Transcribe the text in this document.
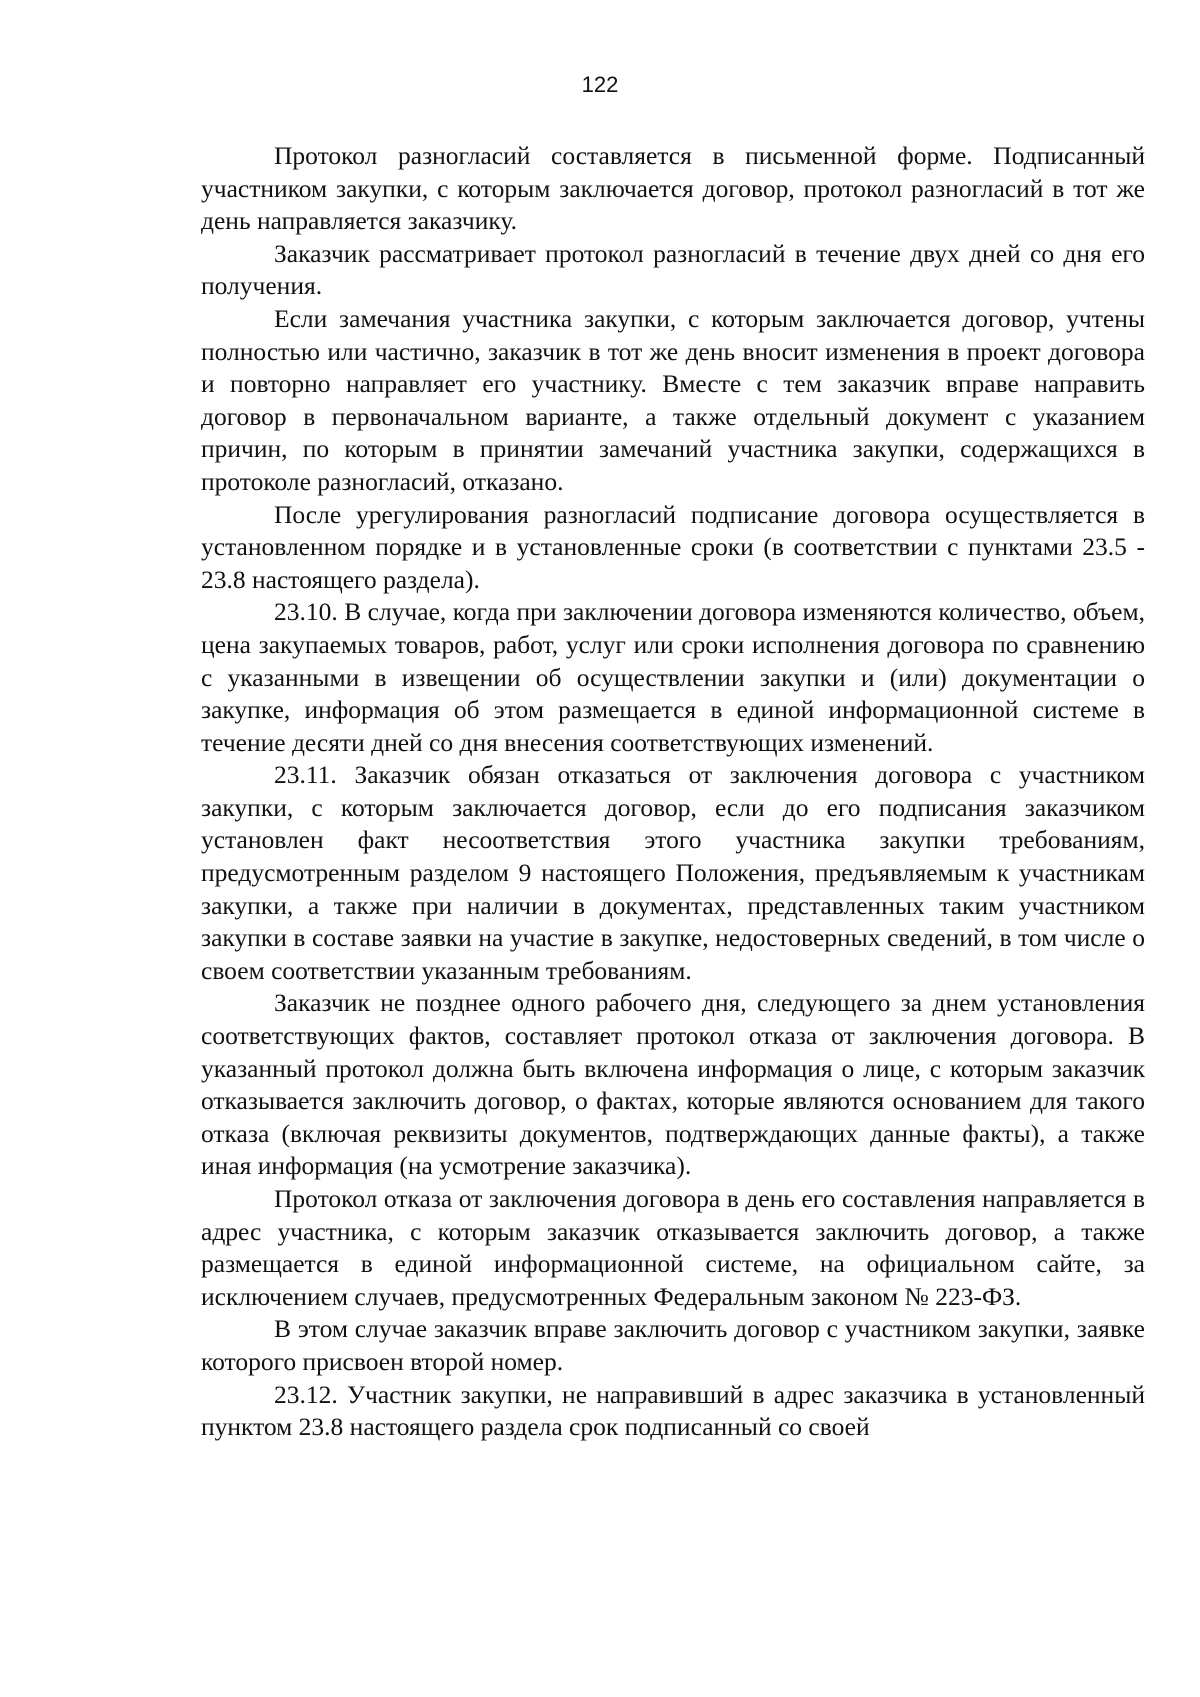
122

Протокол разногласий составляется в письменной форме. Подписанный участником закупки, с которым заключается договор, протокол разногласий в тот же день направляется заказчику.

Заказчик рассматривает протокол разногласий в течение двух дней со дня его получения.

Если замечания участника закупки, с которым заключается договор, учтены полностью или частично, заказчик в тот же день вносит изменения в проект договора и повторно направляет его участнику. Вместе с тем заказчик вправе направить договор в первоначальном варианте, а также отдельный документ с указанием причин, по которым в принятии замечаний участника закупки, содержащихся в протоколе разногласий, отказано.

После урегулирования разногласий подписание договора осуществляется в установленном порядке и в установленные сроки (в соответствии с пунктами 23.5 - 23.8 настоящего раздела).

23.10. В случае, когда при заключении договора изменяются количество, объем, цена закупаемых товаров, работ, услуг или сроки исполнения договора по сравнению с указанными в извещении об осуществлении закупки и (или) документации о закупке, информация об этом размещается в единой информационной системе в течение десяти дней со дня внесения соответствующих изменений.

23.11. Заказчик обязан отказаться от заключения договора с участником закупки, с которым заключается договор, если до его подписания заказчиком установлен факт несоответствия этого участника закупки требованиям, предусмотренным разделом 9 настоящего Положения, предъявляемым к участникам закупки, а также при наличии в документах, представленных таким участником закупки в составе заявки на участие в закупке, недостоверных сведений, в том числе о своем соответствии указанным требованиям.

Заказчик не позднее одного рабочего дня, следующего за днем установления соответствующих фактов, составляет протокол отказа от заключения договора. В указанный протокол должна быть включена информация о лице, с которым заказчик отказывается заключить договор, о фактах, которые являются основанием для такого отказа (включая реквизиты документов, подтверждающих данные факты), а также иная информация (на усмотрение заказчика).

Протокол отказа от заключения договора в день его составления направляется в адрес участника, с которым заказчик отказывается заключить договор, а также размещается в единой информационной системе, на официальном сайте, за исключением случаев, предусмотренных Федеральным законом № 223-ФЗ.

В этом случае заказчик вправе заключить договор с участником закупки, заявке которого присвоен второй номер.

23.12. Участник закупки, не направивший в адрес заказчика в установленный пунктом 23.8 настоящего раздела срок подписанный со своей
